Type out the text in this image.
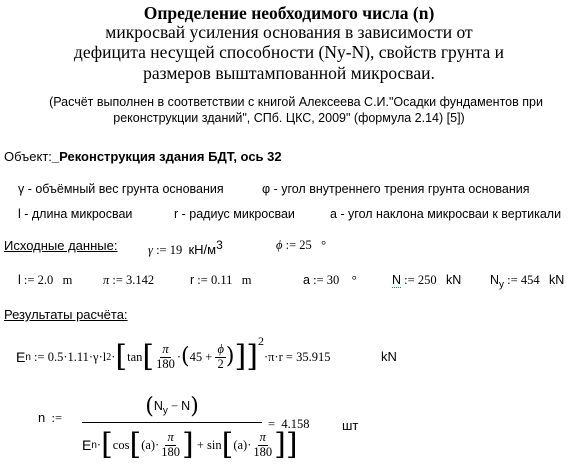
Определение необходимого числа (n)
микросвай усиления основания в зависимости от
дефицита несущей способности (Ny-N), свойств грунта и
размеров выштампованной микросваи.
(Расчёт выполнен в соответствии с книгой Алексеева С.И."Осадки фундаментов при
реконструкции зданий", СПб. ЦКС, 2009" (формула 2.14) [5])
Объект:_Реконструкция здания БДТ, ось 32
γ - объёмный вес грунта основания	φ - угол внутреннего трения грунта основания
l - длина микросваи	r - радиус микросваи	a - угол наклона микросваи к вертикали
Исходные данные: γ := 19 $кН/м^3$	ϕ := 25 °
l := 2.0 m π := 3.142	r := 0.11 m	a := 30 °	N := 250 kN $N_y$ := 454 kN
Результаты расчёта:
E n
:=
0.5·1.11·γ·l 2 · [ tan [ $\frac{\pi}{180}$ · ( 45
+
$\frac{\phi}{2}$ ) ] ] 2
·π·r
=
35.915	kN
n :=	$(N_y - N)$
E n · [ cos [ $(a) \cdot \frac{\pi}{180}$ ]
+
sin [ $(a) \cdot \frac{\pi}{180}$ ] ]
= 4.158	шт
